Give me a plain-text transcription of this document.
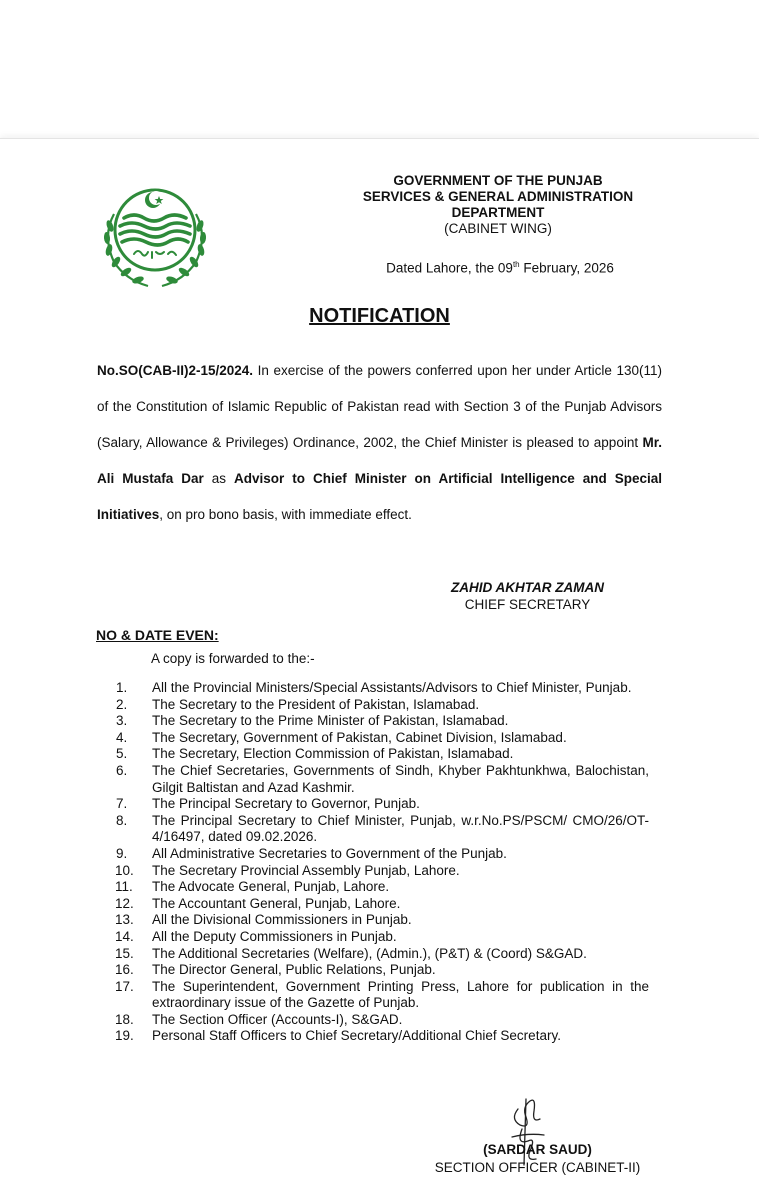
GOVERNMENT OF THE PUNJAB
SERVICES & GENERAL ADMINISTRATION
DEPARTMENT
(CABINET WING)
Dated Lahore, the 09th February, 2026
NOTIFICATION
No.SO(CAB-II)2-15/2024. In exercise of the powers conferred upon her under Article 130(11) of the Constitution of Islamic Republic of Pakistan read with Section 3 of the Punjab Advisors (Salary, Allowance & Privileges) Ordinance, 2002, the Chief Minister is pleased to appoint Mr. Ali Mustafa Dar as Advisor to Chief Minister on Artificial Intelligence and Special Initiatives, on pro bono basis, with immediate effect.
ZAHID AKHTAR ZAMAN
CHIEF SECRETARY
NO & DATE EVEN:
A copy is forwarded to the:-
1.	All the Provincial Ministers/Special Assistants/Advisors to Chief Minister, Punjab.
2.	The Secretary to the President of Pakistan, Islamabad.
3.	The Secretary to the Prime Minister of Pakistan, Islamabad.
4.	The Secretary, Government of Pakistan, Cabinet Division, Islamabad.
5.	The Secretary, Election Commission of Pakistan, Islamabad.
6.	The Chief Secretaries, Governments of Sindh, Khyber Pakhtunkhwa, Balochistan, Gilgit Baltistan and Azad Kashmir.
7.	The Principal Secretary to Governor, Punjab.
8.	The Principal Secretary to Chief Minister, Punjab, w.r.No.PS/PSCM/ CMO/26/OT-4/16497, dated 09.02.2026.
9.	All Administrative Secretaries to Government of the Punjab.
10.	The Secretary Provincial Assembly Punjab, Lahore.
11.	The Advocate General, Punjab, Lahore.
12.	The Accountant General, Punjab, Lahore.
13.	All the Divisional Commissioners in Punjab.
14.	All the Deputy Commissioners in Punjab.
15.	The Additional Secretaries (Welfare), (Admin.), (P&T) & (Coord) S&GAD.
16.	The Director General, Public Relations, Punjab.
17.	The Superintendent, Government Printing Press, Lahore for publication in the extraordinary issue of the Gazette of Punjab.
18.	The Section Officer (Accounts-I), S&GAD.
19.	Personal Staff Officers to Chief Secretary/Additional Chief Secretary.
(SARDAR SAUD)
SECTION OFFICER (CABINET-II)
